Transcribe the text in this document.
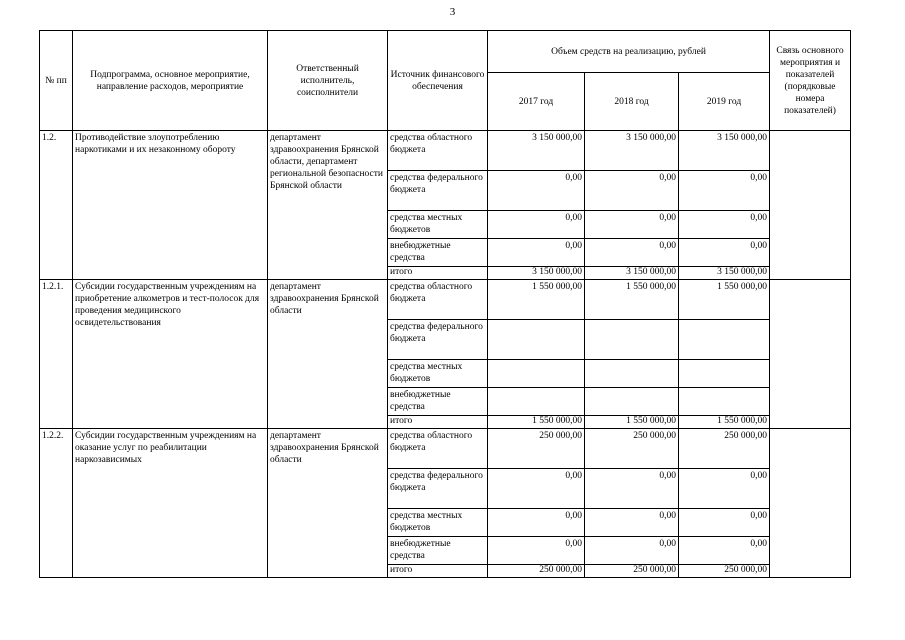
3
№ пп	Подпрограмма, основное мероприятие, направление расходов, мероприятие	Ответственный исполнитель, соисполнители	Источник финансового обеспечения	Объем средств на реализацию, рублей			Связь основного мероприятия и показателей (порядковые номера показателей)
				2017 год	2018 год	2019 год	
1.2.	Противодействие злоупотреблению наркотиками и их незаконному обороту	департамент здравоохранения Брянской области, департамент региональной безопасности Брянской области	средства областного бюджета	3 150 000,00	3 150 000,00	3 150 000,00	
			средства федерального бюджета	0,00	0,00	0,00	
			средства местных бюджетов	0,00	0,00	0,00	
			внебюджетные средства	0,00	0,00	0,00	
			итого	3 150 000,00	3 150 000,00	3 150 000,00	
1.2.1.	Субсидии государственным учреждениям на приобретение алкометров и тест-полосок для проведения медицинского освидетельствования	департамент здравоохранения Брянской области	средства областного бюджета	1 550 000,00	1 550 000,00	1 550 000,00	
			средства федерального бюджета				
			средства местных бюджетов				
			внебюджетные средства				
			итого	1 550 000,00	1 550 000,00	1 550 000,00	
1.2.2.	Субсидии государственным учреждениям на оказание услуг по реабилитации наркозависимых	департамент здравоохранения Брянской области	средства областного бюджета	250 000,00	250 000,00	250 000,00	
			средства федерального бюджета	0,00	0,00	0,00	
			средства местных бюджетов	0,00	0,00	0,00	
			внебюджетные средства	0,00	0,00	0,00	
			итого	250 000,00	250 000,00	250 000,00	
